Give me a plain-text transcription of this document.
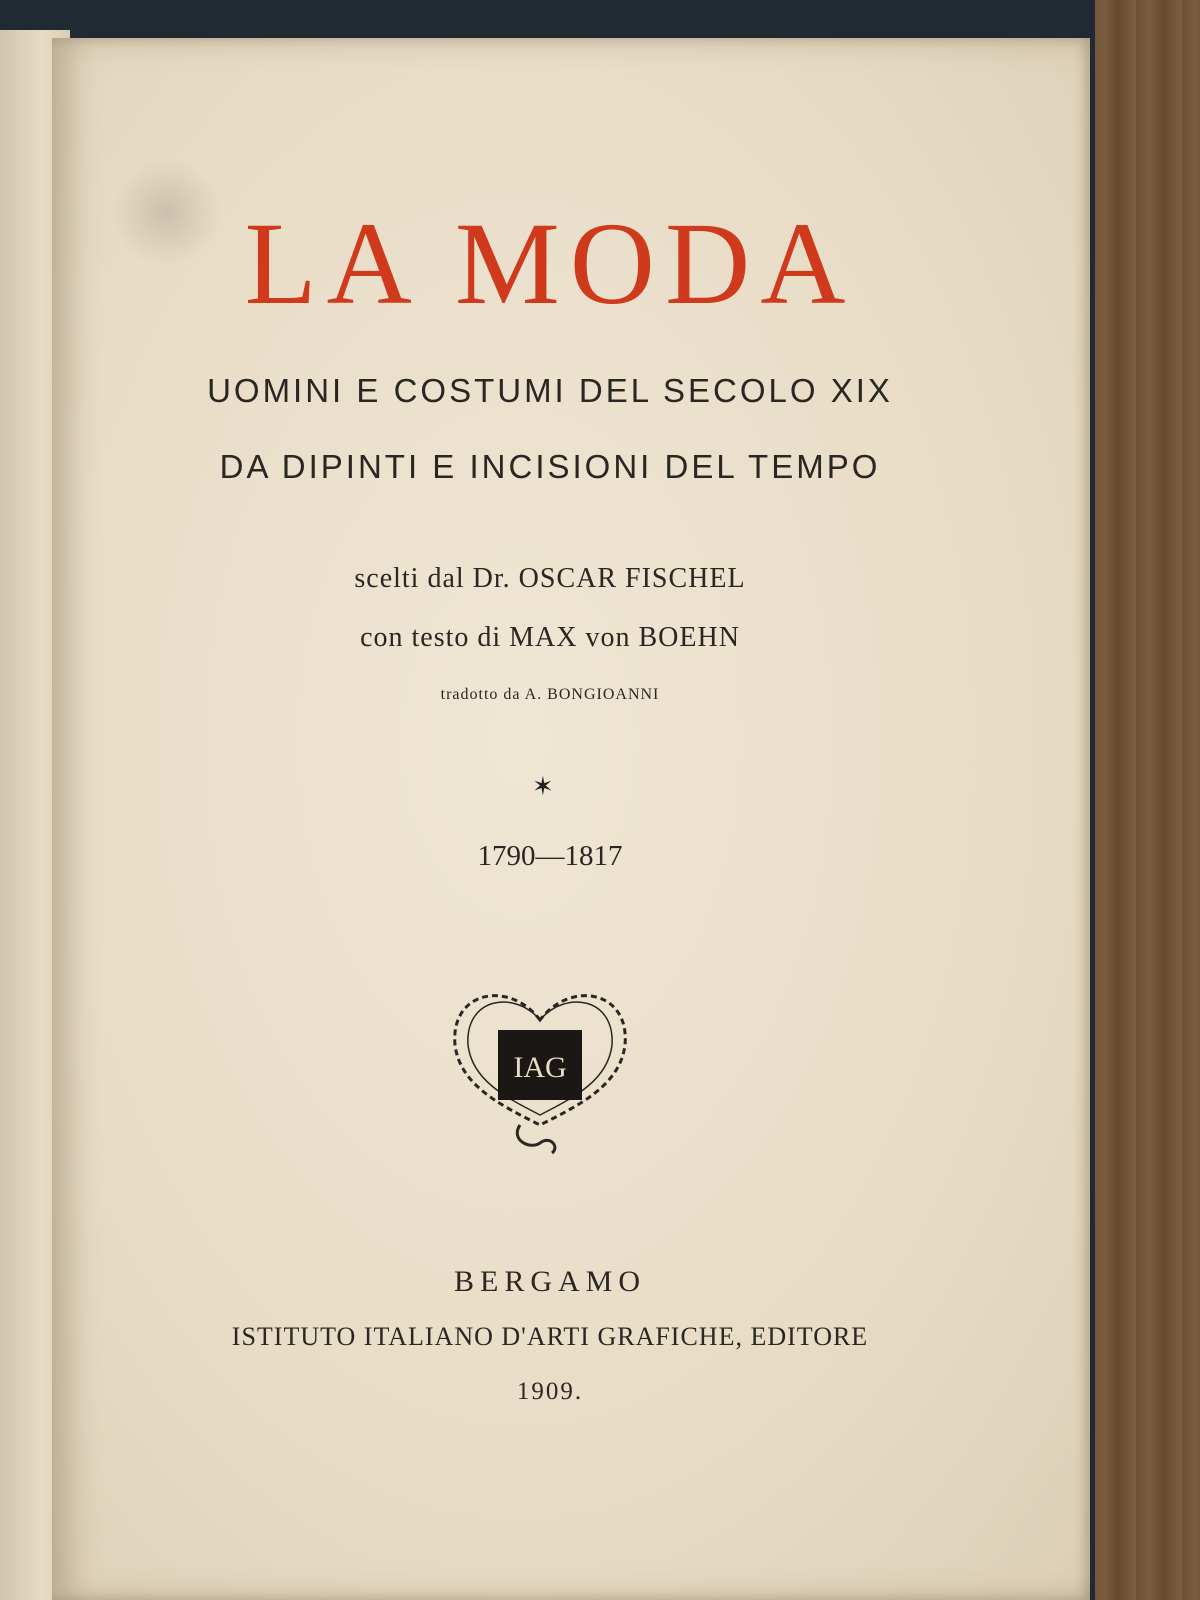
LA MODA
UOMINI E COSTUMI DEL SECOLO XIX
DA DIPINTI E INCISIONI DEL TEMPO
scelti dal Dr. OSCAR FISCHEL
con testo di MAX von BOEHN
tradotto da A. BONGIOANNI
✶
1790—1817
IAG
BERGAMO
ISTITUTO ITALIANO D'ARTI GRAFICHE, EDITORE
1909.
